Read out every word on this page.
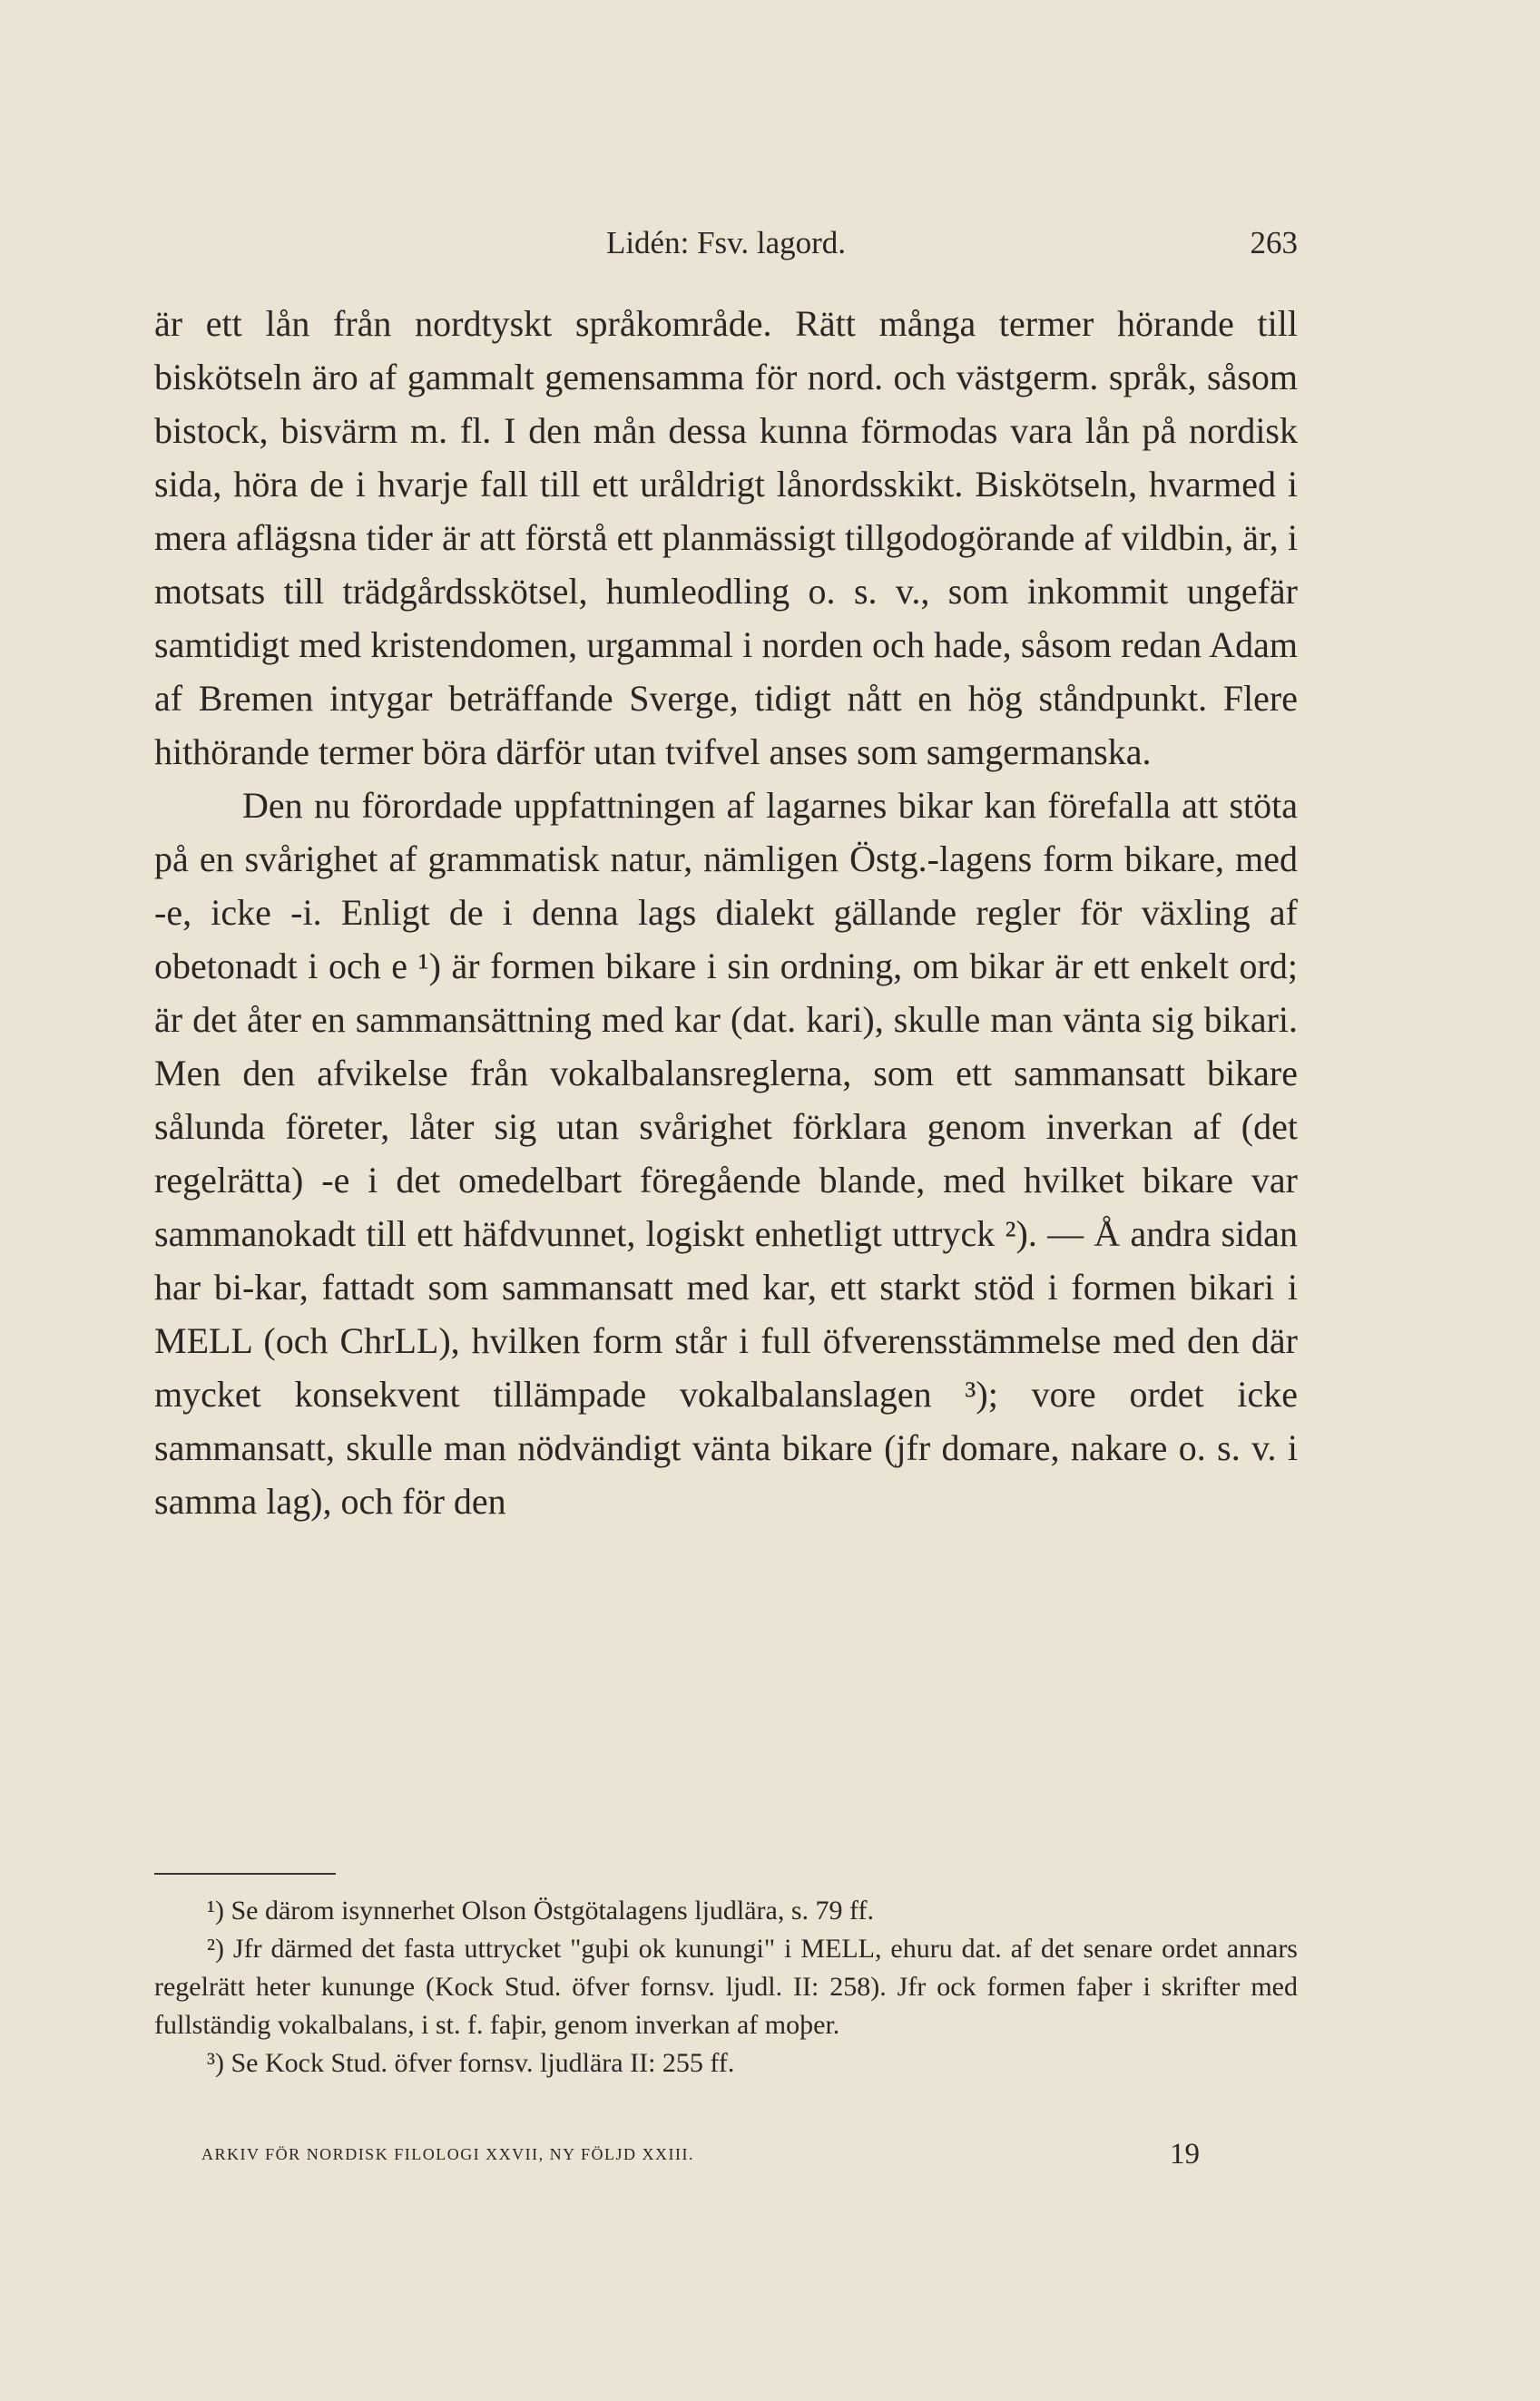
Lidén: Fsv. lagord.	263

är ett lån från nordtyskt språkområde. Rätt många termer hörande till biskötseln äro af gammalt gemensamma för nord. och västgerm. språk, såsom bistock, bisvärm m. fl. I den mån dessa kunna förmodas vara lån på nordisk sida, höra de i hvarje fall till ett uråldrigt lånordsskikt. Biskötseln, hvarmed i mera aflägsna tider är att förstå ett planmässigt tillgodogörande af vildbin, är, i motsats till trädgårdsskötsel, humleodling o. s. v., som inkommit ungefär samtidigt med kristendomen, urgammal i norden och hade, såsom redan Adam af Bremen intygar beträffande Sverge, tidigt nått en hög ståndpunkt. Flere hithörande termer böra därför utan tvifvel anses som samgermanska.

Den nu förordade uppfattningen af lagarnes bikar kan förefalla att stöta på en svårighet af grammatisk natur, nämligen Östg.-lagens form bikare, med -e, icke -i. Enligt de i denna lags dialekt gällande regler för växling af obetonadt i och e ¹) är formen bikare i sin ordning, om bikar är ett enkelt ord; är det åter en sammansättning med kar (dat. kari), skulle man vänta sig bikari. Men den afvikelse från vokalbalansreglerna, som ett sammansatt bikare sålunda företer, låter sig utan svårighet förklara genom inverkan af (det regelrätta) -e i det omedelbart föregående blande, med hvilket bikare var sammanokadt till ett häfdvunnet, logiskt enhetligt uttryck ²). — Å andra sidan har bi-kar, fattadt som sammansatt med kar, ett starkt stöd i formen bikari i MELL (och ChrLL), hvilken form står i full öfverensstämmelse med den där mycket konsekvent tillämpade vokalbalanslagen ³); vore ordet icke sammansatt, skulle man nödvändigt vänta bikare (jfr domare, nakare o. s. v. i samma lag), och för den

¹) Se därom isynnerhet Olson Östgötalagens ljudlära, s. 79 ff.

²) Jfr därmed det fasta uttrycket "guþi ok kunungi" i MELL, ehuru dat. af det senare ordet annars regelrätt heter kununge (Kock Stud. öfver fornsv. ljudl. II: 258). Jfr ock formen faþer i skrifter med fullständig vokalbalans, i st. f. faþir, genom inverkan af moþer.

³) Se Kock Stud. öfver fornsv. ljudlära II: 255 ff.

ARKIV FÖR NORDISK FILOLOGI XXVII, NY FÖLJD XXIII.	19
